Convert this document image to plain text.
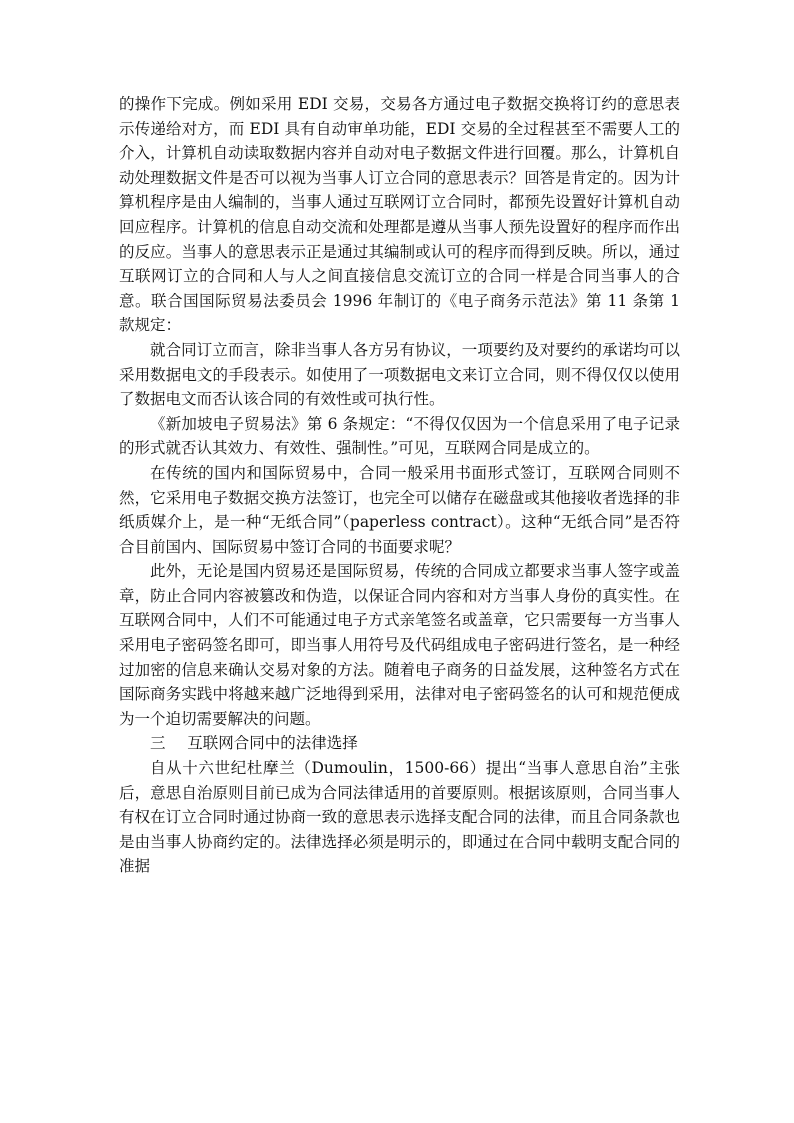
的操作下完成。例如采用 EDI 交易，交易各方通过电子数据交换将订约的意思表示传递给对方，而 EDI 具有自动审单功能，EDI 交易的全过程甚至不需要人工的介入，计算机自动读取数据内容并自动对电子数据文件进行回覆。那么，计算机自动处理数据文件是否可以视为当事人订立合同的意思表示？回答是肯定的。因为计算机程序是由人编制的，当事人通过互联网订立合同时，都预先设置好计算机自动回应程序。计算机的信息自动交流和处理都是遵从当事人预先设置好的程序而作出的反应。当事人的意思表示正是通过其编制或认可的程序而得到反映。所以，通过互联网订立的合同和人与人之间直接信息交流订立的合同一样是合同当事人的合意。联合国国际贸易法委员会 1996 年制订的《电子商务示范法》第 11 条第 1 款规定：

就合同订立而言，除非当事人各方另有协议，一项要约及对要约的承诺均可以采用数据电文的手段表示。如使用了一项数据电文来订立合同，则不得仅仅以使用了数据电文而否认该合同的有效性或可执行性。

《新加坡电子贸易法》第 6 条规定：“不得仅仅因为一个信息采用了电子记录的形式就否认其效力、有效性、强制性。”可见，互联网合同是成立的。

在传统的国内和国际贸易中，合同一般采用书面形式签订，互联网合同则不然，它采用电子数据交换方法签订，也完全可以储存在磁盘或其他接收者选择的非纸质媒介上，是一种“无纸合同”（paperless contract）。这种“无纸合同”是否符合目前国内、国际贸易中签订合同的书面要求呢？

此外，无论是国内贸易还是国际贸易，传统的合同成立都要求当事人签字或盖章，防止合同内容被篡改和伪造，以保证合同内容和对方当事人身份的真实性。在互联网合同中，人们不可能通过电子方式亲笔签名或盖章，它只需要每一方当事人采用电子密码签名即可，即当事人用符号及代码组成电子密码进行签名，是一种经过加密的信息来确认交易对象的方法。随着电子商务的日益发展，这种签名方式在国际商务实践中将越来越广泛地得到采用，法律对电子密码签名的认可和规范便成为一个迫切需要解决的问题。

三 互联网合同中的法律选择

自从十六世纪杜摩兰（Dumoulin，1500-66）提出“当事人意思自治”主张后，意思自治原则目前已成为合同法律适用的首要原则。根据该原则，合同当事人有权在订立合同时通过协商一致的意思表示选择支配合同的法律，而且合同条款也是由当事人协商约定的。法律选择必须是明示的，即通过在合同中载明支配合同的准据
